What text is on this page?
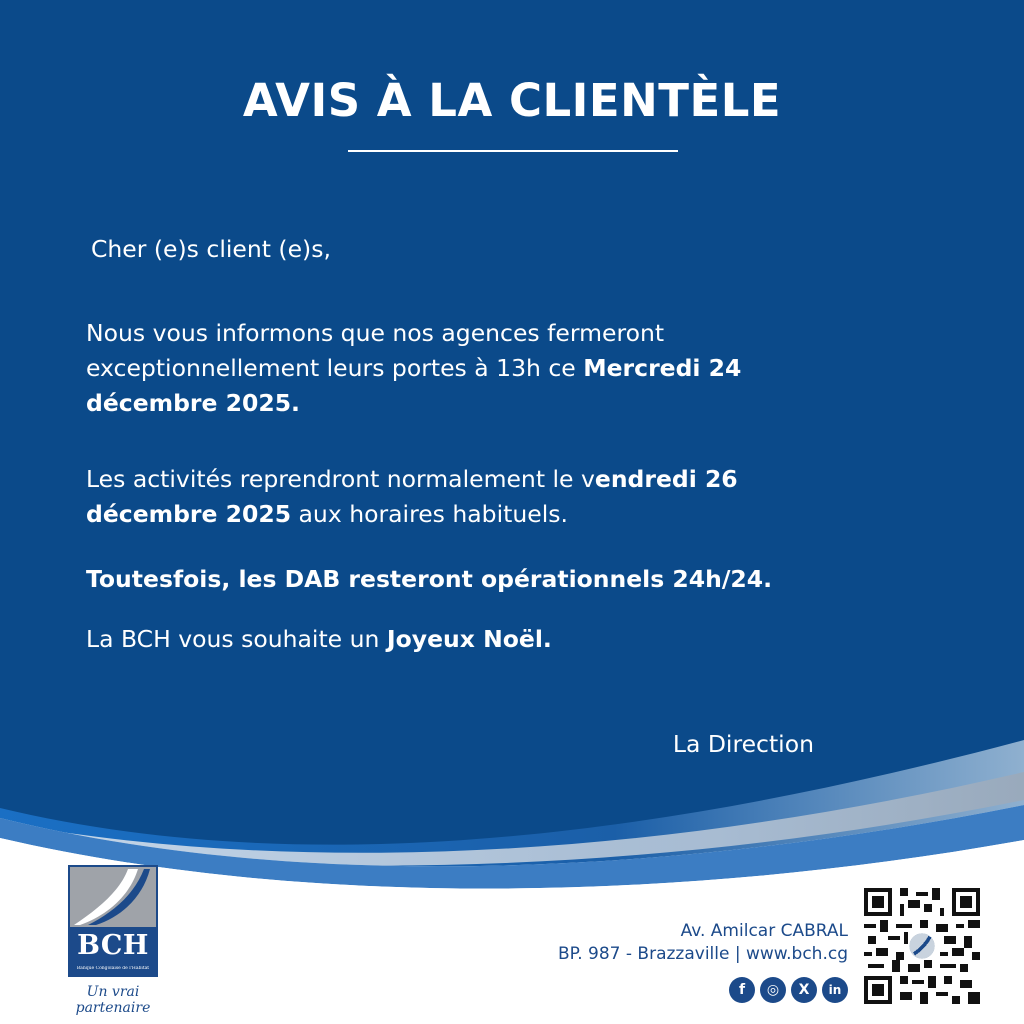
AVIS À LA CLIENTÈLE

Cher (e)s client (e)s,

Nous vous informons que nos agences fermeront exceptionnellement leurs portes à 13h ce Mercredi 24 décembre 2025.

Les activités reprendront normalement le vendredi 26 décembre 2025 aux horaires habituels.

Toutesfois, les DAB resteront opérationnels 24h/24.

La BCH vous souhaite un Joyeux Noël.

La Direction

BCH
Banque Congolaise de l'Habitat
Un vrai partenaire

Av. Amilcar CABRAL

BP. 987 - Brazzaville | www.bch.cg

f	◎	X	in
